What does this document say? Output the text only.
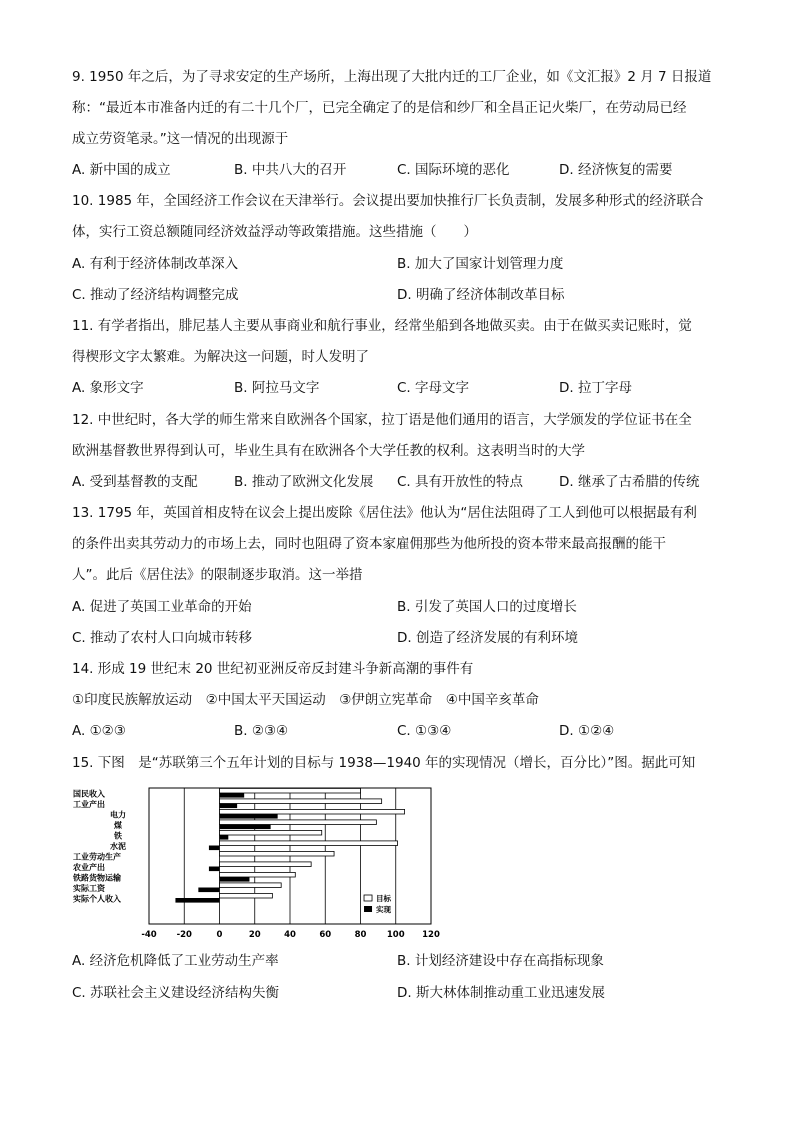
9. 1950 年之后，为了寻求安定的生产场所，上海出现了大批内迁的工厂企业，如《文汇报》2 月 7 日报道
称：“最近本市准备内迁的有二十几个厂，已完全确定了的是信和纱厂和全昌正记火柴厂，在劳动局已经
成立劳资笔录。”这一情况的出现源于
A. 新中国的成立	B. 中共八大的召开	C. 国际环境的恶化	D. 经济恢复的需要
10. 1985 年，全国经济工作会议在天津举行。会议提出要加快推行厂长负责制，发展多种形式的经济联合
体，实行工资总额随同经济效益浮动等政策措施。这些措施（　　）
A. 有利于经济体制改革深入	B. 加大了国家计划管理力度
C. 推动了经济结构调整完成	D. 明确了经济体制改革目标
11. 有学者指出，腓尼基人主要从事商业和航行事业，经常坐船到各地做买卖。由于在做买卖记账时，觉
得楔形文字太繁难。为解决这一问题，时人发明了
A. 象形文字	B. 阿拉马文字	C. 字母文字	D. 拉丁字母
12. 中世纪时，各大学的师生常来自欧洲各个国家，拉丁语是他们通用的语言，大学颁发的学位证书在全
欧洲基督教世界得到认可，毕业生具有在欧洲各个大学任教的权利。这表明当时的大学
A. 受到基督教的支配	B. 推动了欧洲文化发展 C. 具有开放性的特点	D. 继承了古希腊的传统
13. 1795 年，英国首相皮特在议会上提出废除《居住法》他认为“居住法阻碍了工人到他可以根据最有利
的条件出卖其劳动力的市场上去，同时也阻碍了资本家雇佣那些为他所投的资本带来最高报酬的能干
人”。此后《居住法》的限制逐步取消。这一举措
A. 促进了英国工业革命的开始	B. 引发了英国人口的过度增长
C. 推动了农村人口向城市转移	D. 创造了经济发展的有利环境
14. 形成 19 世纪末 20 世纪初亚洲反帝反封建斗争新高潮的事件有
①印度民族解放运动　②中国太平天国运动　③伊朗立宪革命　④中国辛亥革命
A. ①②③	B. ②③④	C. ①③④	D. ①②④
15. 下图　是“苏联第三个五年计划的目标与 1938—1940 年的实现情况（增长，百分比）”图。据此可知
-40 -20	0	20	40	60	80 100 120
国民收入
工业产出
电力
煤
铁
水泥
工业劳动生产
农业产出
铁路货物运输
实际工资
实际个人收入	目标
实现
A. 经济危机降低了工业劳动生产率	B. 计划经济建设中存在高指标现象
C. 苏联社会主义建设经济结构失衡	D. 斯大林体制推动重工业迅速发展
